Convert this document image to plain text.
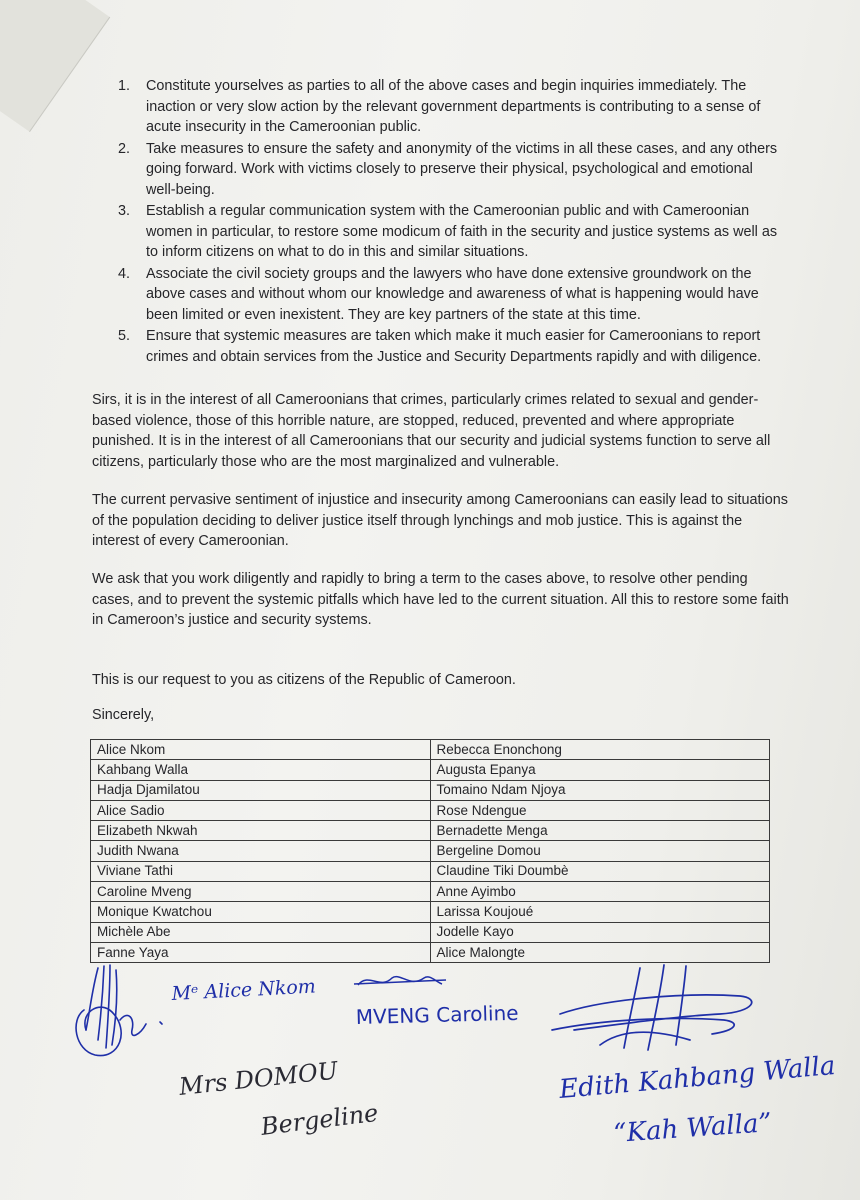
1. Constitute yourselves as parties to all of the above cases and begin inquiries immediately. The inaction or very slow action by the relevant government departments is contributing to a sense of acute insecurity in the Cameroonian public.
2. Take measures to ensure the safety and anonymity of the victims in all these cases, and any others going forward. Work with victims closely to preserve their physical, psychological and emotional well-being.
3. Establish a regular communication system with the Cameroonian public and with Cameroonian women in particular, to restore some modicum of faith in the security and justice systems as well as to inform citizens on what to do in this and similar situations.
4. Associate the civil society groups and the lawyers who have done extensive groundwork on the above cases and without whom our knowledge and awareness of what is happening would have been limited or even inexistent. They are key partners of the state at this time.
5. Ensure that systemic measures are taken which make it much easier for Cameroonians to report crimes and obtain services from the Justice and Security Departments rapidly and with diligence.

Sirs, it is in the interest of all Cameroonians that crimes, particularly crimes related to sexual and gender-based violence, those of this horrible nature, are stopped, reduced, prevented and where appropriate punished. It is in the interest of all Cameroonians that our security and judicial systems function to serve all citizens, particularly those who are the most marginalized and vulnerable.

The current pervasive sentiment of injustice and insecurity among Cameroonians can easily lead to situations of the population deciding to deliver justice itself through lynchings and mob justice. This is against the interest of every Cameroonian.

We ask that you work diligently and rapidly to bring a term to the cases above, to resolve other pending cases, and to prevent the systemic pitfalls which have led to the current situation. All this to restore some faith in Cameroon’s justice and security systems.

This is our request to you as citizens of the Republic of Cameroon.

Sincerely,

Alice Nkom	Rebecca Enonchong
Kahbang Walla	Augusta Epanya
Hadja Djamilatou	Tomaino Ndam Njoya
Alice Sadio	Rose Ndengue
Elizabeth Nkwah	Bernadette Menga
Judith Nwana	Bergeline Domou
Viviane Tathi	Claudine Tiki Doumbè
Caroline Mveng	Anne Ayimbo
Monique Kwatchou	Larissa Koujoué
Michèle Abe	Jodelle Kayo
Fanne Yaya	Alice Malongte
Mᵉ Alice Nkom
MVENG Caroline
Mrs DOMOU
Bergeline
Edith Kahbang Walla
“Kah Walla”
